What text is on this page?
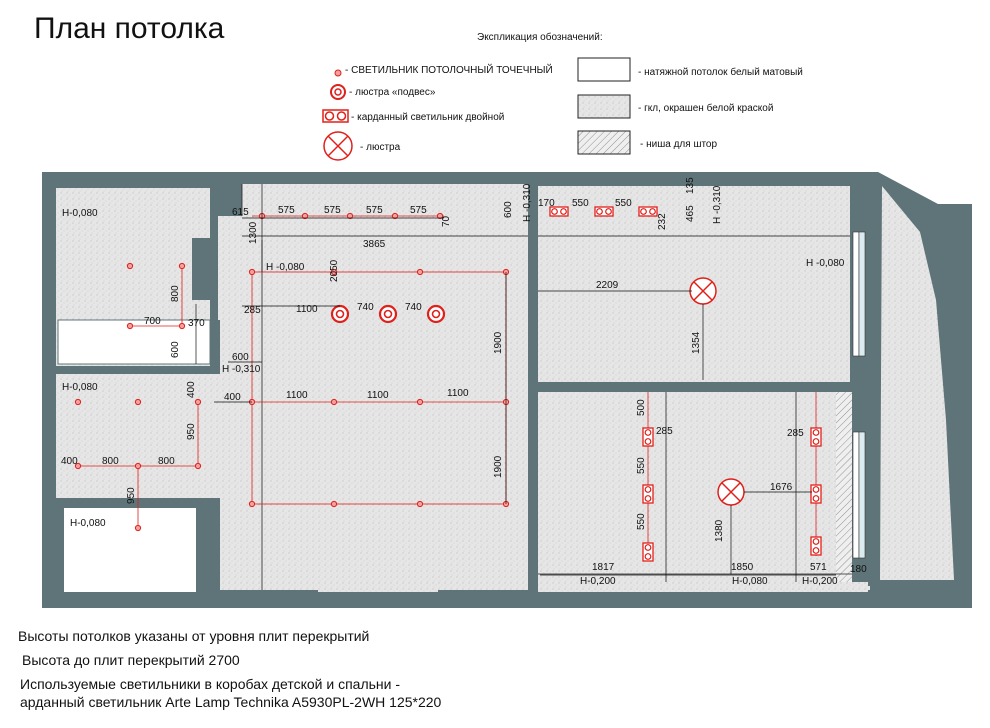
План потолка	Экспликация обозначений:
- СВЕТИЛЬНИК ПОТОЛОЧНЫЙ ТОЧЕЧНЫЙ
- люстра «подвес»
- карданный светильник двойной
- люстра
- натяжной потолок белый матовый
- гкл, окрашен белой краской
- ниша для штор
Н-0,080
Н-0,080
Н-0,080
Н -0,080	Н -0,080
Н -0,310
Н -0,310	Н -0,310
Н-0,200	Н-0,080	Н-0,200
615	575	575	575	575
70
1300
3865
600 170 550	550
232 465
135
2050
285	1100	740	740
2209
1354
800
700	370
600	600
400	400	1100	1100	1100
1900
1900
950
400 800	800
950
500
285
550
550
285
1676
1380
1817	1850	571 180
Высоты потолков указаны от уровня плит перекрытий
Высота до плит перекрытий 2700
Используемые светильники в коробах детской и спальни -
арданный светильник Arte Lamp Technika A5930PL-2WH 125*220
